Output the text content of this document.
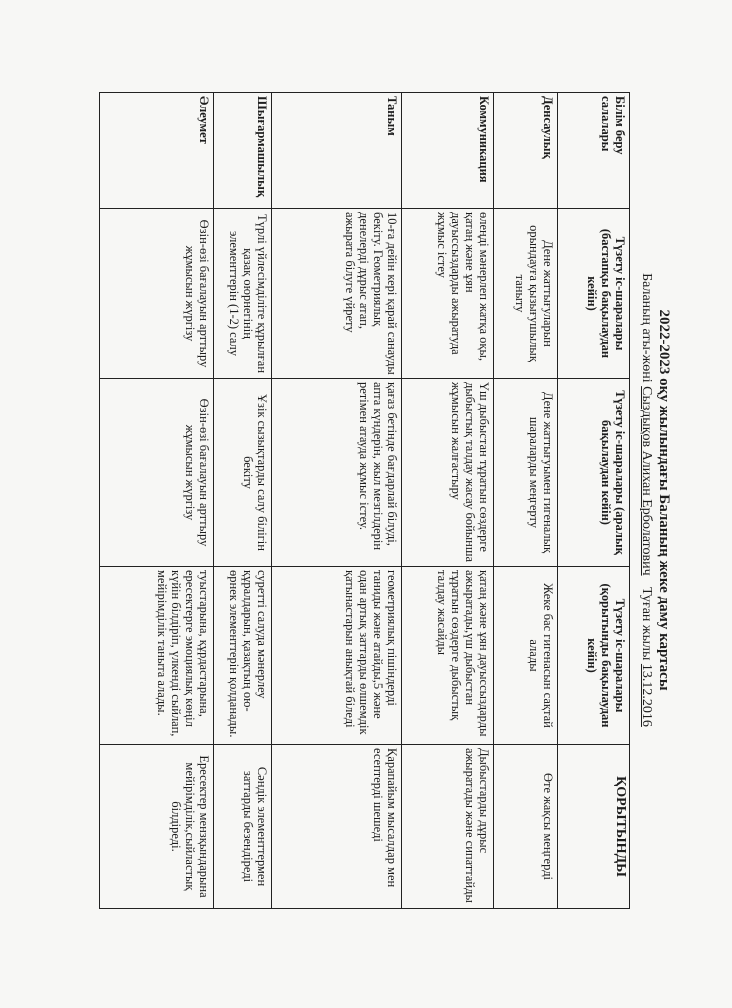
2022-2023 оқу жылындағы Баланың жеке даму картасы
Баланың аты-жөні Сыздықов Алихан Ерболатович Туған жылы 13.12.2016
Білім беру салалары	Түзету іс-шаралары (бастапқы бақылаудан кейін)	Түзету іс-шаралары (аралық бақылаудан кейін)	Түзету іс-шаралары (қорытынды бақылаудан кейін)	ҚОРЫТЫНДЫ
Денсаулық	Дене жаттығуларын орындауға қызығушылық таныту	Дене жаттығуымен гигеналық шараларды меңгерту	Жеке бас гигенасын сақтай алады	Өте жақсы меңгерді
Коммуникация	өлеңді мәнерлеп жатқа оқы, қатаң және ұян дауыссыздарды ажыратуда жұмыс істеу	Үш дыбыстан тұратын сөздерге дыбыстық талдау жасау бойынша жұмысын жалғастыру	қатаң және ұян дауыссыздарды ажыратады,үш дыбыстан тұратын сөздерге дыбыстық талдау жасайды	Дыбыстарды дұрыс ажыратады және сипаттайды
Таным	10-ға дейін кері қарай санауды бекіту. Геометриялық денелерді дұрыс атап, ажырата білуге үйрету	қағаз бетінде бағдарлай білуді, апта күндерін, жыл мезгілдерін ретімен атауда жұмыс істеу.	геометриялық пішіндерді таниды және атайды,5 және одан артық заттарды өлшемдік қатынастарын анықтай біледі	Қарапайым мысалдар мен есептерді шешеді
Шығармашылық	Түрлі үйлесімділіте құрылған қазақ оюрнегінің элементтерін (1-2) салу	Ұзік сызықтарды салу білігін бекіту	суретті салуда мәнерлеу құралдарын, қазақтың ою-өрнек элементтерін қолданады.	Сәндік элементтермен заттарды безендіреді
Әлеумет	Өзін-өзі бағалауын арттыру жұмысын жүргізу	Өзін-өзі бағалауын арттыру жұмысын жүргізу	туыстарына, құрдастарына, ересектерге эмоциялық көңіл күйін білдіріп, үлкенді сыйлап, мейірімділік танытa алады.	Ересектер мензқындарына мейірімділік,сыйластық білдіреді.
